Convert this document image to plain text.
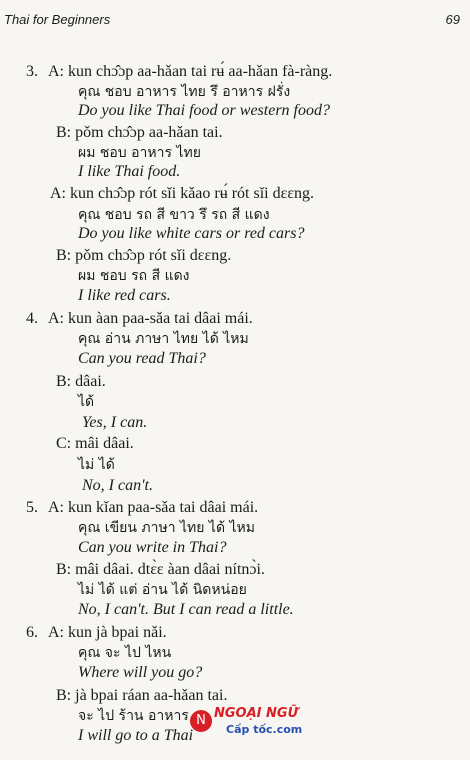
Thai for Beginners	69
3. A: kun chɔ̂ɔp aa-hǎan tai rʉ́ aa-hǎan fà-ràng.
คุณ ชอบ อาหาร ไทย รึ อาหาร ฝรั่ง
Do you like Thai food or western food?
B: pǒm chɔ̂ɔp aa-hǎan tai.
ผม ชอบ อาหาร ไทย
I like Thai food.
A: kun chɔ̂ɔp rót sǐi kǎao rʉ́ rót sǐi dɛɛng.
คุณ ชอบ รถ สี ขาว รึ รถ สี แดง
Do you like white cars or red cars?
B: pǒm chɔ̂ɔp rót sǐi dɛɛng.
ผม ชอบ รถ สี แดง
I like red cars.
4. A: kun àan paa-sǎa tai dâai mái.
คุณ อ่าน ภาษา ไทย ได้ ไหม
Can you read Thai?
B: dâai.
ได้
Yes, I can.
C: mâi dâai.
ไม่ ได้
No, I can't.
5. A: kun kǐan paa-sǎa tai dâai mái.
คุณ เขียน ภาษา ไทย ได้ ไหม
Can you write in Thai?
B: mâi dâai. dtɛ̀ɛ àan dâai nítnɔ̀i.
ไม่ ได้ แต่ อ่าน ได้ นิดหน่อย
No, I can't. But I can read a little.
6. A: kun jà bpai nǎi.
คุณ จะ ไป ไหน
Where will you go?
B: jà bpai ráan aa-hǎan tai.
จะ ไป ร้าน อาหาร
I will go to a Thai
N NGOẠI NGỮ
Cấp tốc.com
